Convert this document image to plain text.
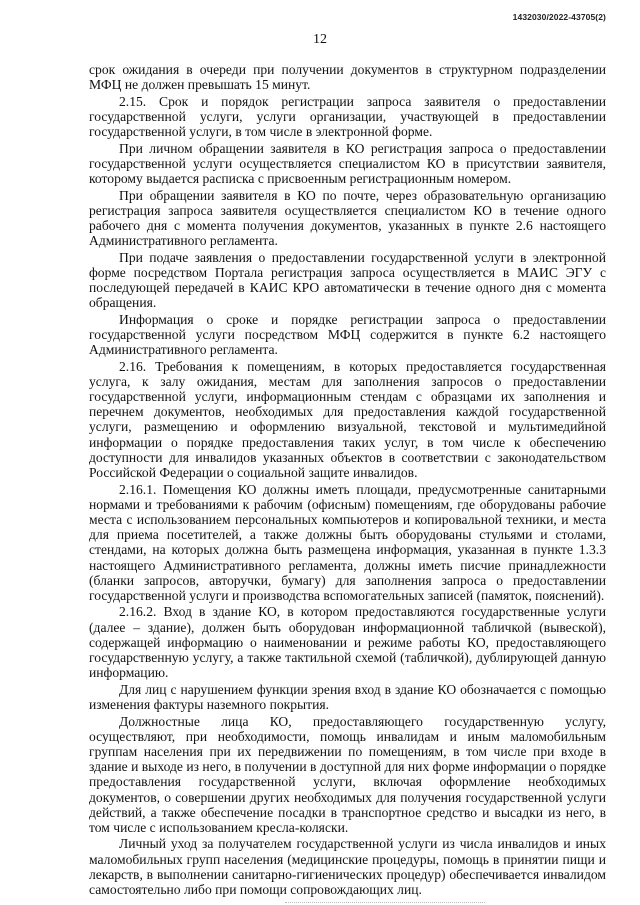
1432030/2022-43705(2)
12

срок ожидания в очереди при получении документов в структурном подразделении МФЦ не должен превышать 15 минут.

2.15. Срок и порядок регистрации запроса заявителя о предоставлении государственной услуги, услуги организации, участвующей в предоставлении государственной услуги, в том числе в электронной форме.

При личном обращении заявителя в КО регистрация запроса о предоставлении государственной услуги осуществляется специалистом КО в присутствии заявителя, которому выдается расписка с присвоенным регистрационным номером.

При обращении заявителя в КО по почте, через образовательную организацию регистрация запроса заявителя осуществляется специалистом КО в течение одного рабочего дня с момента получения документов, указанных в пункте 2.6 настоящего Административного регламента.

При подаче заявления о предоставлении государственной услуги в электронной форме посредством Портала регистрация запроса осуществляется в МАИС ЭГУ с последующей передачей в КАИС КРО автоматически в течение одного дня с момента обращения.

Информация о сроке и порядке регистрации запроса о предоставлении государственной услуги посредством МФЦ содержится в пункте 6.2 настоящего Административного регламента.

2.16. Требования к помещениям, в которых предоставляется государственная услуга, к залу ожидания, местам для заполнения запросов о предоставлении государственной услуги, информационным стендам с образцами их заполнения и перечнем документов, необходимых для предоставления каждой государственной услуги, размещению и оформлению визуальной, текстовой и мультимедийной информации о порядке предоставления таких услуг, в том числе к обеспечению доступности для инвалидов указанных объектов в соответствии с законодательством Российской Федерации о социальной защите инвалидов.

2.16.1. Помещения КО должны иметь площади, предусмотренные санитарными нормами и требованиями к рабочим (офисным) помещениям, где оборудованы рабочие места с использованием персональных компьютеров и копировальной техники, и места для приема посетителей, а также должны быть оборудованы стульями и столами, стендами, на которых должна быть размещена информация, указанная в пункте 1.3.3 настоящего Административного регламента, должны иметь писчие принадлежности (бланки запросов, авторучки, бумагу) для заполнения запроса о предоставлении государственной услуги и производства вспомогательных записей (памяток, пояснений).

2.16.2. Вход в здание КО, в котором предоставляются государственные услуги (далее – здание), должен быть оборудован информационной табличкой (вывеской), содержащей информацию о наименовании и режиме работы КО, предоставляющего государственную услугу, а также тактильной схемой (табличкой), дублирующей данную информацию.

Для лиц с нарушением функции зрения вход в здание КО обозначается с помощью изменения фактуры наземного покрытия.

Должностные лица КО, предоставляющего государственную услугу, осуществляют, при необходимости, помощь инвалидам и иным маломобильным группам населения при их передвижении по помещениям, в том числе при входе в здание и выходе из него, в получении в доступной для них форме информации о порядке предоставления государственной услуги, включая оформление необходимых документов, о совершении других необходимых для получения государственной услуги действий, а также обеспечение посадки в транспортное средство и высадки из него, в том числе с использованием кресла-коляски.

Личный уход за получателем государственной услуги из числа инвалидов и иных маломобильных групп населения (медицинские процедуры, помощь в принятии пищи и лекарств, в выполнении санитарно-гигиенических процедур) обеспечивается инвалидом самостоятельно либо при помощи сопровождающих лиц.
